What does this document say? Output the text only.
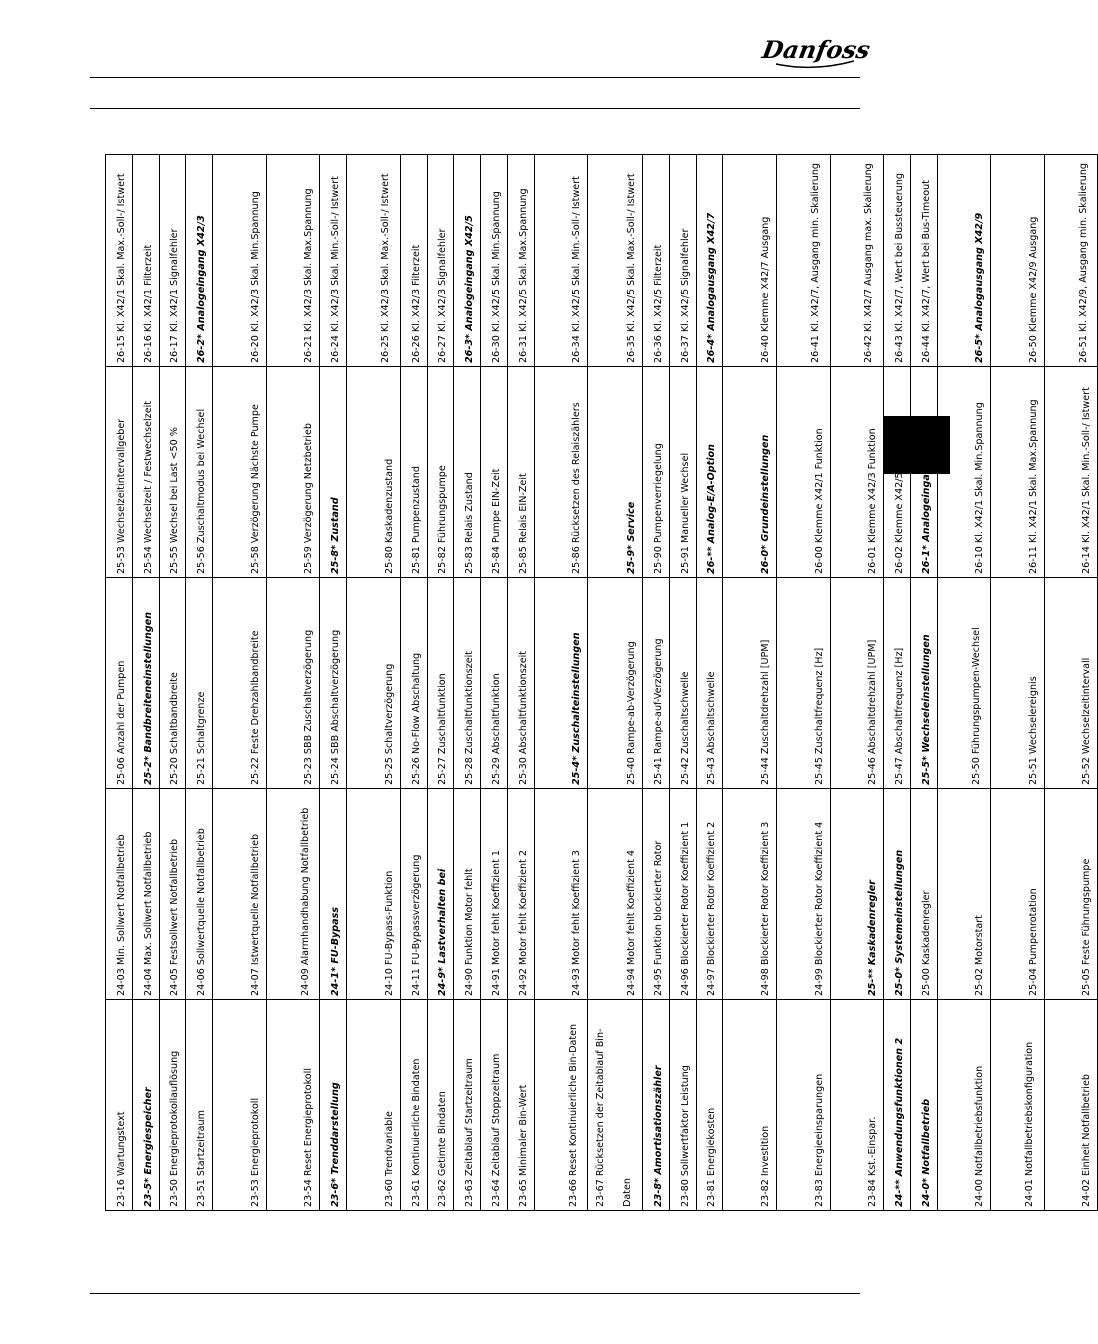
Danfoss
23-16 Wartungstext	24-03 Min. Sollwert Notfallbetrieb	25-06 Anzahl der Pumpen	25-53 Wechselzeitintervallgeber	26-15 Kl. X42/1 Skal. Max.-Soll-/ Istwert
23-5* Energiespeicher	24-04 Max. Sollwert Notfallbetrieb	25-2* Bandbreiteneinstellungen	25-54 Wechselzeit / Festwechselzeit	26-16 Kl. X42/1 Filterzeit
23-50 Energieprotokollauflösung	24-05 Festsollwert Notfallbetrieb	25-20 Schaltbandbreite	25-55 Wechsel bei Last <50 %	26-17 Kl. X42/1 Signalfehler
23-51 Startzeitraum	24-06 Sollwertquelle Notfallbetrieb	25-21 Schaltgrenze	25-56 Zuschaltmodus bei Wechsel	26-2* Analogeingang X42/3
23-53 Energieprotokoll	24-07 Istwertquelle Notfallbetrieb	25-22 Feste Drehzahlbandbreite	25-58 Verzögerung Nächste Pumpe	26-20 Kl. X42/3 Skal. Min.Spannung
23-54 Reset Energieprotokoll	24-09 Alarmhandhabung Notfallbetrieb	25-23 SBB Zuschaltverzögerung	25-59 Verzögerung Netzbetrieb	26-21 Kl. X42/3 Skal. Max.Spannung
23-6* Trenddarstellung	24-1* FU-Bypass	25-24 SBB Abschaltverzögerung	25-8* Zustand	26-24 Kl. X42/3 Skal. Min.-Soll-/ Istwert
23-60 Trendvariable	24-10 FU-Bypass-Funktion	25-25 Schaltverzögerung	25-80 Kaskadenzustand	26-25 Kl. X42/3 Skal. Max.-Soll-/ Istwert
23-61 Kontinuierliche Bindaten	24-11 FU-Bypassverzögerung	25-26 No-Flow Abschaltung	25-81 Pumpenzustand	26-26 Kl. X42/3 Filterzeit
23-62 Getimte Bindaten	24-9* Lastverhalten bei	25-27 Zuschaltfunktion	25-82 Führungspumpe	26-27 Kl. X42/3 Signalfehler
23-63 Zeitablauf Startzeitraum	24-90 Funktion Motor fehlt	25-28 Zuschaltfunktionszeit	25-83 Relais Zustand	26-3* Analogeingang X42/5
23-64 Zeitablauf Stoppzeitraum	24-91 Motor fehlt Koeffizient 1	25-29 Abschaltfunktion	25-84 Pumpe EIN-Zeit	26-30 Kl. X42/5 Skal. Min.Spannung
23-65 Minimaler Bin-Wert	24-92 Motor fehlt Koeffizient 2	25-30 Abschaltfunktionszeit	25-85 Relais EIN-Zeit	26-31 Kl. X42/5 Skal. Max.Spannung
23-66 Reset Kontinuierliche Bin-Daten	24-93 Motor fehlt Koeffizient 3	25-4* Zuschalteinstellungen	25-86 Rücksetzen des Relaiszählers	26-34 Kl. X42/5 Skal. Min.-Soll-/ Istwert
23-67 Rücksetzen der Zeitablauf Bin-Daten	24-94 Motor fehlt Koeffizient 4	25-40 Rampe-ab-Verzögerung	25-9* Service	26-35 Kl. X42/5 Skal. Max.-Soll-/ Istwert
23-8* Amortisationszähler	24-95 Funktion blockierter Rotor	25-41 Rampe-auf-Verzögerung	25-90 Pumpenverriegelung	26-36 Kl. X42/5 Filterzeit
23-80 Sollwertfaktor Leistung	24-96 Blockierter Rotor Koeffizient 1	25-42 Zuschaltschwelle	25-91 Manueller Wechsel	26-37 Kl. X42/5 Signalfehler
23-81 Energiekosten	24-97 Blockierter Rotor Koeffizient 2	25-43 Abschaltschwelle	26-** Analog-E/A-Option	26-4* Analogausgang X42/7
23-82 Investition	24-98 Blockierter Rotor Koeffizient 3	25-44 Zuschaltdrehzahl [UPM]	26-0* Grundeinstellungen	26-40 Klemme X42/7 Ausgang
23-83 Energieeinsparungen	24-99 Blockierter Rotor Koeffizient 4	25-45 Zuschaltfrequenz [Hz]	26-00 Klemme X42/1 Funktion	26-41 Kl. X42/7, Ausgang min. Skalierung
23-84 Kst.-Einspar.	25-** Kaskadenregler	25-46 Abschaltdrehzahl [UPM]	26-01 Klemme X42/3 Funktion	26-42 Kl. X42/7 Ausgang max. Skalierung
24-** Anwendungsfunktionen 2	25-0* Systemeinstellungen	25-47 Abschaltfrequenz [Hz]	26-02 Klemme X42/5 Funktion	26-43 Kl. X42/7, Wert bei Bussteuerung
24-0* Notfallbetrieb	25-00 Kaskadenregler	25-5* Wechseleinstellungen	26-1* Analogeingang X42/1	26-44 Kl. X42/7, Wert bei Bus-Timeout
24-00 Notfallbetriebsfunktion	25-02 Motorstart	25-50 Führungspumpen-Wechsel	26-10 Kl. X42/1 Skal. Min.Spannung	26-5* Analogausgang X42/9
24-01 Notfallbetriebskonfiguration	25-04 Pumpenrotation	25-51 Wechselereignis	26-11 Kl. X42/1 Skal. Max.Spannung	26-50 Klemme X42/9 Ausgang
24-02 Einheit Notfallbetrieb	25-05 Feste Führungspumpe	25-52 Wechselzeitintervall	26-14 Kl. X42/1 Skal. Min.-Soll-/ Istwert	26-51 Kl. X42/9, Ausgang min. Skalierung
